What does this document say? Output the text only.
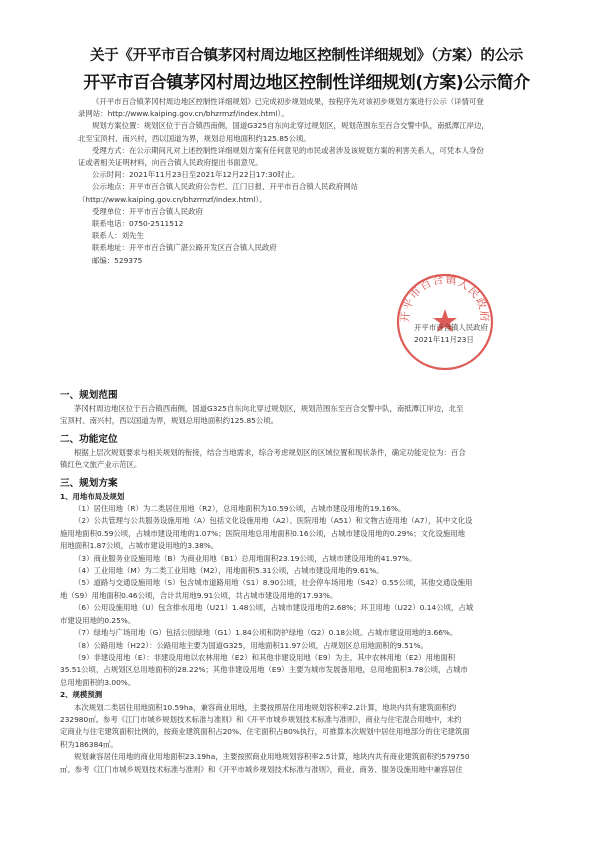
关于《开平市百合镇茅冈村周边地区控制性详细规划》（方案）的公示
开平市百合镇茅冈村周边地区控制性详细规划(方案)公示简介

《开平市百合镇茅冈村周边地区控制性详细规划》已完成初步规划成果，按程序先对该初步规划方案进行公示（详情可登

录网站：http://www.kaiping.gov.cn/bhzrmzf/index.html）。

规划方案位置：规划区位于百合镇西南侧，国道G325自东向北穿过规划区，规划范围东至百合交警中队，南抵潭江岸边，

北至宝顶村、南兴村，西以国道为界，规划总用地面积约125.85公顷。

受理方式：在公示期间凡对上述控制性详细规划方案有任何意见的市民或者涉及该规划方案的利害关系人，可凭本人身份

证或者相关证明材料，向百合镇人民政府提出书面意见。

公示时间：2021年11月23日至2021年12月22日17:30时止。

公示地点：开平市百合镇人民政府公告栏、江门日报、开平市百合镇人民政府网站

（http://www.kaiping.gov.cn/bhzrmzf/index.html）。

受理单位：开平市百合镇人民政府

联系电话：0750-2511512

联系人：刘先生

联系地址：开平市百合镇广湛公路开发区百合镇人民政府

邮编：529375

开平市百合镇人民政府
开平市百合镇人民政府
2021年11月23日

一、规划范围

茅冈村周边地区位于百合镇西南侧，国道G325自东向北穿过规划区，规划范围东至百合交警中队，南抵潭江岸边，北至

宝顶村、南兴村，西以国道为界，规划总用地面积约125.85公顷。

二、功能定位

根据上层次规划要求与相关规划的衔接，结合当地需求，综合考虑规划区的区域位置和现状条件，确定功能定位为：百合

镇红色文旅产业示范区。

三、规划方案

1、用地布局及规划

（1）居住用地（R）为二类居住用地（R2），总用地面积为10.59公顷，占城市建设用地的19.16%。

（2）公共管理与公共服务设施用地（A）包括文化设施用地（A2）、医院用地（A51）和文物古迹用地（A7），其中文化设

施用地面积0.59公顷，占城市建设用地的1.07%；医院用地总用地面积0.16公顷，占城市建设用地的0.29%；文化设施用地

用地面积1.87公顷，占城市建设用地的3.38%。

（3）商业服务业设施用地（B）为商业用地（B1）总用地面积23.19公顷，占城市建设用地的41.97%。

（4）工业用地（M）为二类工业用地（M2），用地面积5.31公顷，占城市建设用地的9.61%。

（5）道路与交通设施用地（S）包含城市道路用地（S1）8.90公顷，社会停车场用地（S42）0.55公顷，其他交通设施用

地（S9）用地面积0.46公顷，合计共用地9.91公顷，共占城市建设用地的17.93%。

（6）公用设施用地（U）包含排水用地（U21）1.48公顷，占城市建设用地的2.68%；环卫用地（U22）0.14公顷，占城

市建设用地的0.25%。

（7）绿地与广场用地（G）包括公园绿地（G1）1.84公顷和防护绿地（G2）0.18公顷。占城市建设用地的3.66%。

（8）公路用地（H22）：公路用地主要为国道G325，用地面积11.97公顷，占规划区总用地面积的9.51%。

（9）非建设用地（E）：非建设用地以农林用地（E2）和其他非建设用地（E9）为主，其中农林用地（E2）用地面积

35.51公顷，占规划区总用地面积的28.22%；其他非建设用地（E9）主要为城市发展备用地，总用地面积3.78公顷，占城市

总用地面积的3.00%。

2、规模预测

本次规划二类居住用地面积10.59ha，兼容商业用地，主要按照居住用地规划容积率2.2计算，地块内共有建筑面积约

232980㎡。参考《江门市城乡规划技术标准与准则》和《开平市城乡规划技术标准与准则》，商业与住宅混合用地中，未约

定商业与住宅建筑面积比例的，按商业建筑面积占20%、住宅面积占80%执行，可推算本次规划中居住用地部分的住宅建筑面

积为186384㎡。

规划兼容居住用地的商业用地面积23.19ha，主要按照商业用地规划容积率2.5计算，地块内共有商业建筑面积约579750

㎡。参考《江门市城乡规划技术标准与准则》和《开平市城乡规划技术标准与准则》，商业、商务、服务设施用地中兼容居住
